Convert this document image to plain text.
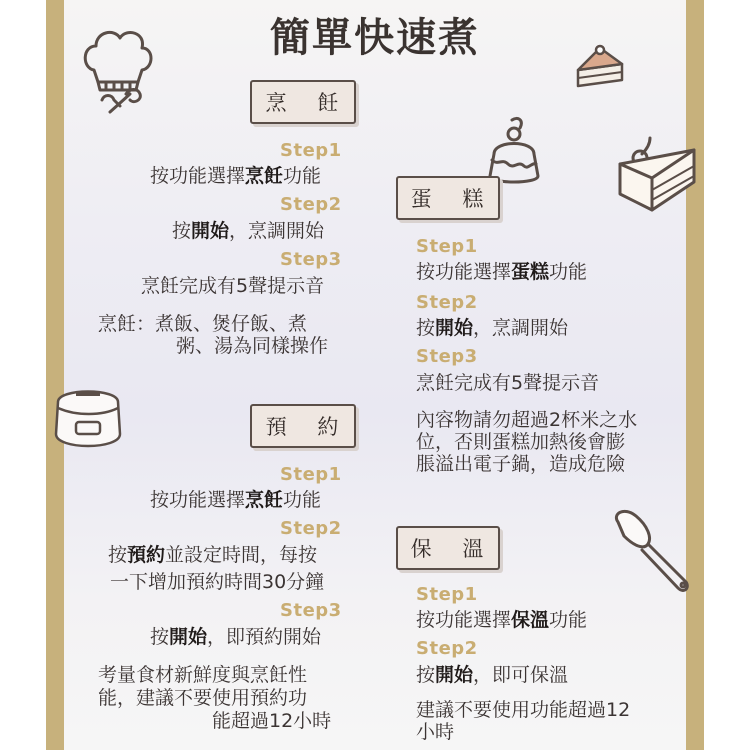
簡單快速煮
烹 飪
Step1
按功能選擇烹飪功能
Step2
按開始，烹調開始
Step3
烹飪完成有5聲提示音
烹飪：煮飯、煲仔飯、煮
粥、湯為同樣操作
蛋 糕
Step1
按功能選擇蛋糕功能
Step2
按開始，烹調開始
Step3
烹飪完成有5聲提示音
內容物請勿超過2杯米之水
位，否則蛋糕加熱後會膨
脹溢出電子鍋，造成危險
預 約
Step1
按功能選擇烹飪功能
Step2
按預約並設定時間，每按
一下增加預約時間30分鐘
Step3
按開始，即預約開始
考量食材新鮮度與烹飪性
能，建議不要使用預約功
能超過12小時
保 溫
Step1
按功能選擇保溫功能
Step2
按開始，即可保溫
建議不要使用功能超過12
小時
